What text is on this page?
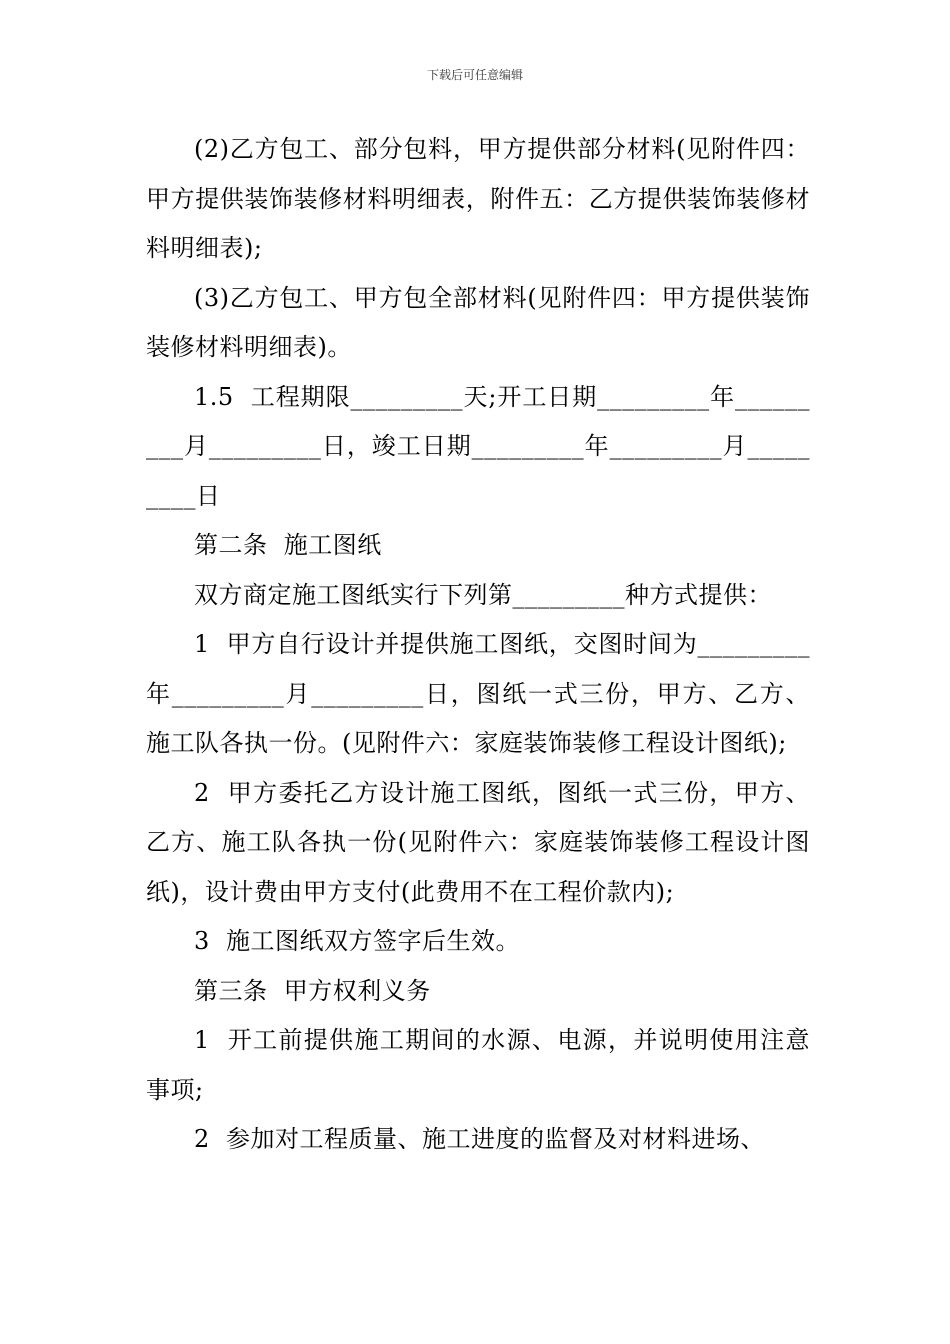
下载后可任意编辑

(2)乙方包工、部分包料，甲方提供部分材料(见附件四：甲方提供装饰装修材料明细表，附件五：乙方提供装饰装修材料明细表);

(3)乙方包工、甲方包全部材料(见附件四：甲方提供装饰装修材料明细表)。

1.5  工程期限_________天;开工日期_________年_________月_________日，竣工日期_________年_________月_________日

第二条  施工图纸

双方商定施工图纸实行下列第_________种方式提供：

1  甲方自行设计并提供施工图纸，交图时间为_________年_________月_________日，图纸一式三份，甲方、乙方、施工队各执一份。(见附件六：家庭装饰装修工程设计图纸);

2  甲方委托乙方设计施工图纸，图纸一式三份，甲方、乙方、施工队各执一份(见附件六：家庭装饰装修工程设计图纸)，设计费由甲方支付(此费用不在工程价款内);

3  施工图纸双方签字后生效。

第三条  甲方权利义务

1  开工前提供施工期间的水源、电源，并说明使用注意事项;

2  参加对工程质量、施工进度的监督及对材料进场、
